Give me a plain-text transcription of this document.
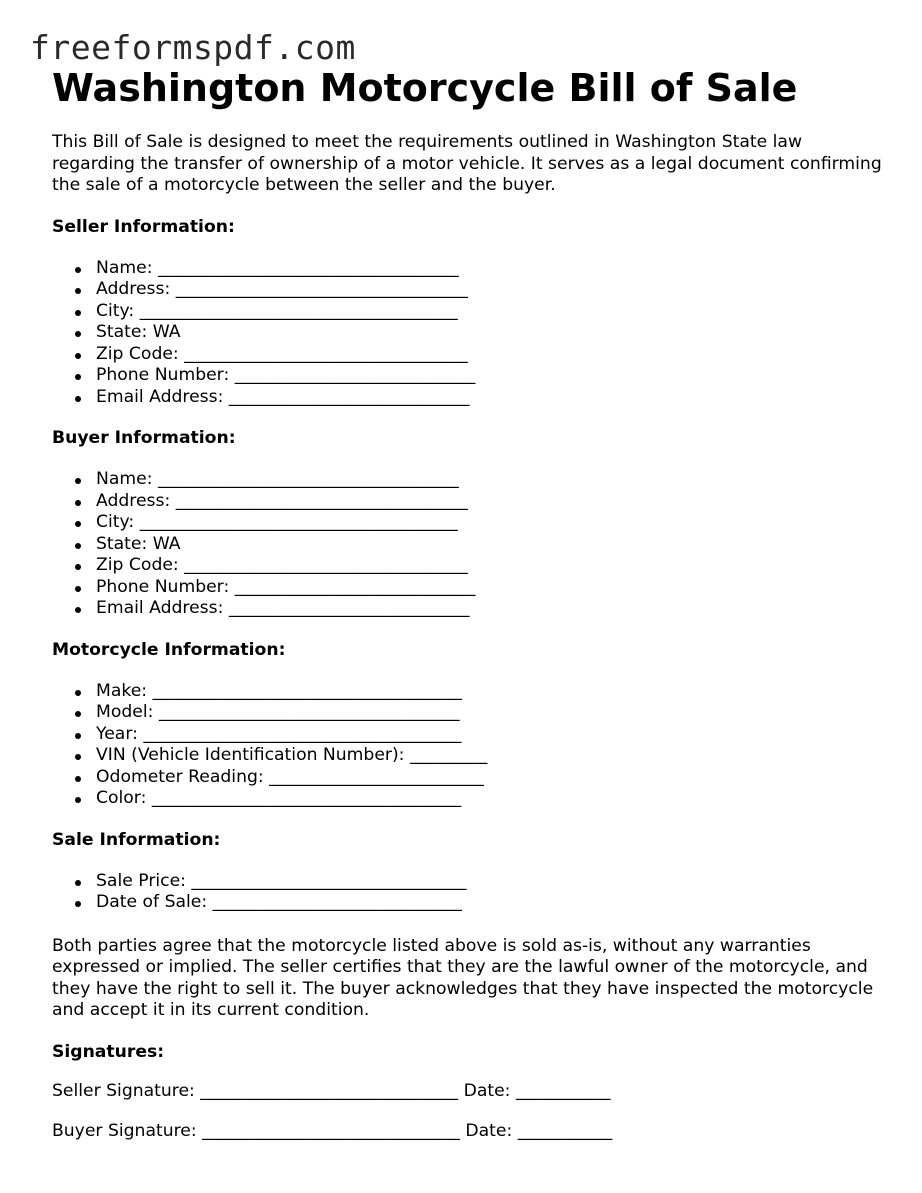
freeformspdf.com
Washington Motorcycle Bill of Sale

This Bill of Sale is designed to meet the requirements outlined in Washington State law regarding the transfer of ownership of a motor vehicle. It serves as a legal document confirming the sale of a motorcycle between the seller and the buyer.

Seller Information:
Name: ___________________________________
Address: __________________________________
City: _____________________________________
State: WA
Zip Code: _________________________________
Phone Number: ____________________________
Email Address: ____________________________
Buyer Information:
Name: ___________________________________
Address: __________________________________
City: _____________________________________
State: WA
Zip Code: _________________________________
Phone Number: ____________________________
Email Address: ____________________________
Motorcycle Information:
Make: ____________________________________
Model: ___________________________________
Year: _____________________________________
VIN (Vehicle Identification Number): _________
Odometer Reading: _________________________
Color: ____________________________________
Sale Information:
Sale Price: ________________________________
Date of Sale: _____________________________

Both parties agree that the motorcycle listed above is sold as-is, without any warranties expressed or implied. The seller certifies that they are the lawful owner of the motorcycle, and they have the right to sell it. The buyer acknowledges that they have inspected the motorcycle and accept it in its current condition.

Signatures:

Seller Signature: ______________________________ Date: ___________

Buyer Signature: ______________________________ Date: ___________
